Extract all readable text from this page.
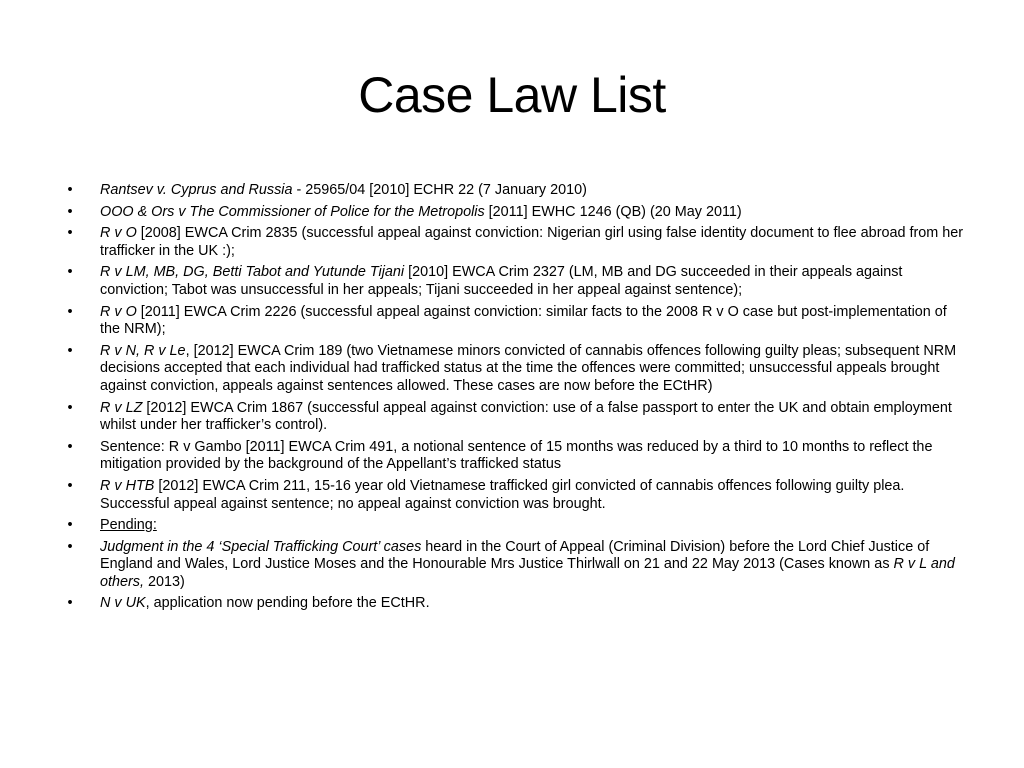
Case Law List
•	Rantsev v. Cyprus and Russia - 25965/04 [2010] ECHR 22 (7 January 2010)
•	OOO & Ors v The Commissioner of Police for the Metropolis [2011] EWHC 1246 (QB) (20 May 2011)
•	R v O [2008] EWCA Crim 2835 (successful appeal against conviction: Nigerian girl using false identity document to flee abroad from her trafficker in the UK :);
•	R v LM, MB, DG, Betti Tabot and Yutunde Tijani [2010] EWCA Crim 2327 (LM, MB and DG succeeded in their appeals against conviction; Tabot was unsuccessful in her appeals; Tijani succeeded in her appeal against sentence);
•	R v O [2011] EWCA Crim 2226 (successful appeal against conviction: similar facts to the 2008 R v O case but post-implementation of the NRM);
•	R v N, R v Le, [2012] EWCA Crim 189 (two Vietnamese minors convicted of cannabis offences following guilty pleas; subsequent NRM decisions accepted that each individual had trafficked status at the time the offences were committed; unsuccessful appeals brought against conviction, appeals against sentences allowed. These cases are now before the ECtHR)
•	R v LZ [2012] EWCA Crim 1867 (successful appeal against conviction: use of a false passport to enter the UK and obtain employment whilst under her trafficker’s control).
•	Sentence: R v Gambo [2011] EWCA Crim 491, a notional sentence of 15 months was reduced by a third to 10 months to reflect the mitigation provided by the background of the Appellant’s trafficked status
•	R v HTB [2012] EWCA Crim 211, 15-16 year old Vietnamese trafficked girl convicted of cannabis offences following guilty plea. Successful appeal against sentence; no appeal against conviction was brought.
•	Pending:
•	Judgment in the 4 ‘Special Trafficking Court’ cases heard in the Court of Appeal (Criminal Division) before the Lord Chief Justice of England and Wales, Lord Justice Moses and the Honourable Mrs Justice Thirlwall on 21 and 22 May 2013 (Cases known as R v L and others, 2013)
•	N v UK, application now pending before the ECtHR.
